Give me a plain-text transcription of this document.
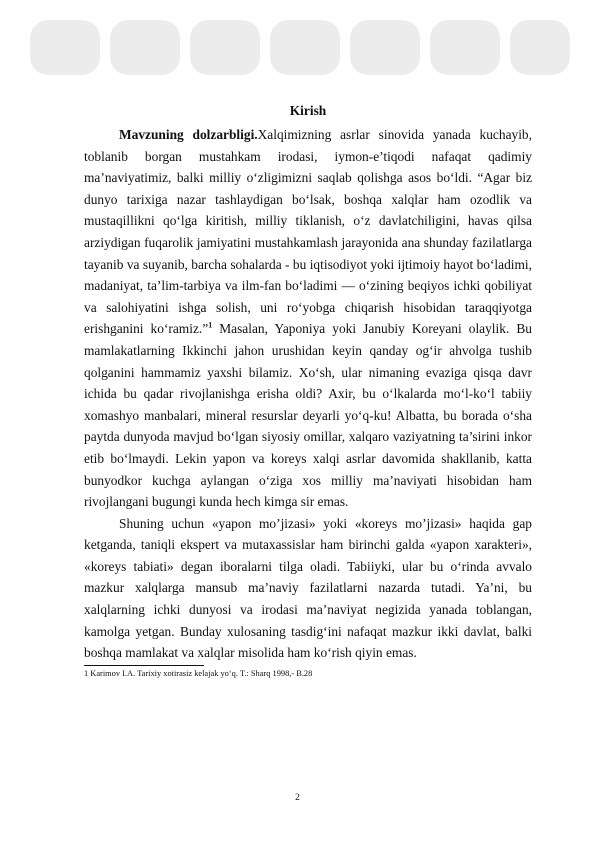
Kirish

Mavzuning dolzarbligi.Xalqimizning asrlar sinovida yanada kuchayib, toblanib borgan mustahkam irodasi, iymon-e’tiqodi nafaqat qadimiy ma’naviyatimiz, balki milliy o‘zligimizni saqlab qolishga asos bo‘ldi. “Agar biz dunyo tarixiga nazar tashlaydigan bo‘lsak, boshqa xalqlar ham ozodlik va mustaqillikni qo‘lga kiritish, milliy tiklanish, o‘z davlatchiligini, havas qilsa arziydigan fuqarolik jamiyatini mustahkamlash jarayonida ana shunday fazilatlarga tayanib va suyanib, barcha sohalarda - bu iqtisodiyot yoki ijtimoiy hayot bo‘ladimi, madaniyat, ta’lim-tarbiya va ilm-fan bo‘ladimi — o‘zining beqiyos ichki qobiliyat va salohiyatini ishga solish, uni ro‘yobga chiqarish hisobidan taraqqiyotga erishganini ko‘ramiz.”$^1$ Masalan, Yaponiya yoki Janubiy Koreyani olaylik. Bu mamlakatlarning Ikkinchi jahon urushidan keyin qanday og‘ir ahvolga tushib qolganini hammamiz yaxshi bilamiz. Xo‘sh, ular nimaning evaziga qisqa davr ichida bu qadar rivojlanishga erisha oldi? Axir, bu o‘lkalarda mo‘l-ko‘l tabiiy xomashyo manbalari, mineral resurslar deyarli yo‘q-ku! Albatta, bu borada o‘sha paytda dunyoda mavjud bo‘lgan siyosiy omillar, xalqaro vaziyatning ta’sirini inkor etib bo‘lmaydi. Lekin yapon va koreys xalqi asrlar davomida shakllanib, katta bunyodkor kuchga aylangan o‘ziga xos milliy ma’naviyati hisobidan ham rivojlangani bugungi kunda hech kimga sir emas.

Shuning uchun «yapon mo’jizasi» yoki «koreys mo’jizasi» haqida gap ketganda, taniqli ekspert va mutaxassislar ham birinchi galda «yapon xarakteri», «koreys tabiati» degan iboralarni tilga oladi. Tabiiyki, ular bu o‘rinda avvalo mazkur xalqlarga mansub ma’naviy fazilatlarni nazarda tutadi. Ya’ni, bu xalqlarning ichki dunyosi va irodasi ma’naviyat negizida yanada toblangan, kamolga yetgan. Bunday xulosaning tasdig‘ini nafaqat mazkur ikki davlat, balki boshqa mamlakat va xalqlar misolida ham ko‘rish qiyin emas.

1 Karimov I.A. Tarixiy xotirasiz kelajak yo‘q. T.: Sharq 1998,- B.28
2
